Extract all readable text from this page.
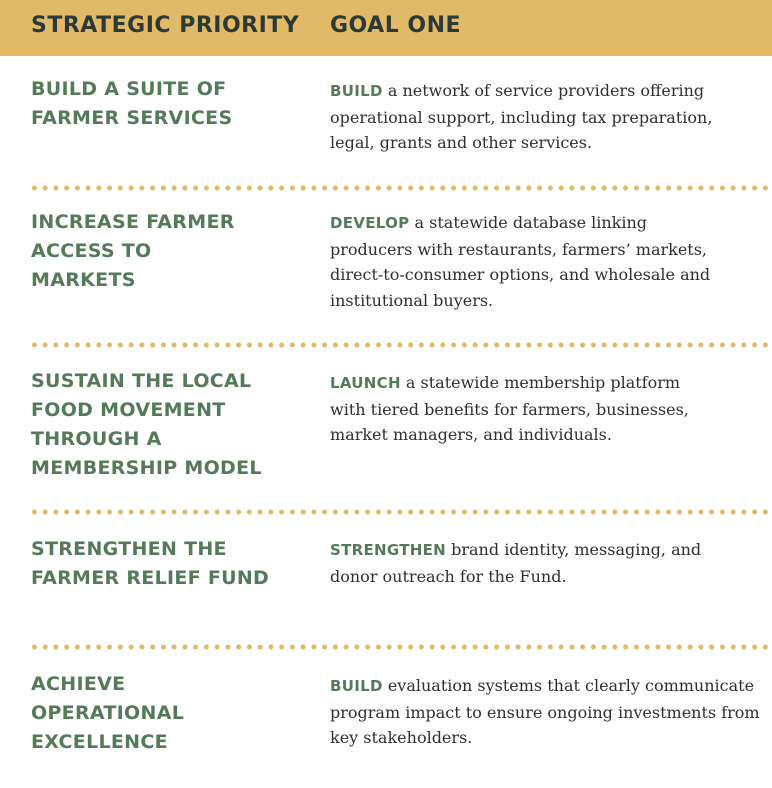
STRATEGIC PRIORITY GOAL ONE
BUILD A SUITE OF FARMER SERVICES
BUILD a network of service providers offering operational support, including tax preparation, legal, grants and other services.
INCREASE FARMER ACCESS TO MARKETS
DEVELOP a statewide database linking producers with restaurants, farmers’ markets, direct-to-consumer options, and wholesale and institutional buyers.
SUSTAIN THE LOCAL FOOD MOVEMENT THROUGH A MEMBERSHIP MODEL
LAUNCH a statewide membership platform with tiered benefits for farmers, businesses, market managers, and individuals.
STRENGTHEN THE FARMER RELIEF FUND
STRENGTHEN brand identity, messaging, and donor outreach for the Fund.
ACHIEVE OPERATIONAL EXCELLENCE
BUILD evaluation systems that clearly communicate program impact to ensure ongoing investments from key stakeholders.
